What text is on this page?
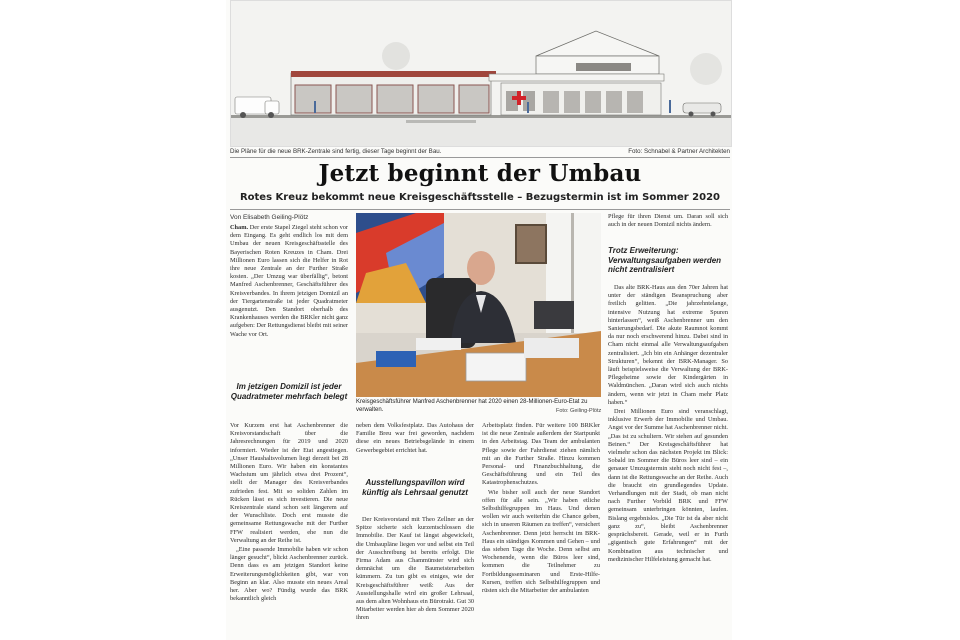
Die Pläne für die neue BRK-Zentrale sind fertig, dieser Tage beginnt der Bau.	Foto: Schnabel & Partner Architekten
Jetzt beginnt der Umbau
Rotes Kreuz bekommt neue Kreisgeschäftsstelle – Bezugstermin ist im Sommer 2020
Von Elisabeth Geiling-Plötz

Cham. Der erste Stapel Ziegel steht schon vor dem Eingang. Es geht endlich los mit dem Umbau der neuen Kreisgeschäftsstelle des Bayerischen Roten Kreuzes in Cham. Drei Millionen Euro lassen sich die Helfer in Rot ihre neue Zentrale an der Further Straße kosten. „Der Umzug war überfällig“, betont Manfred Aschenbrenner, Geschäftsführer des Kreisverbandes. In ihrem jetzigen Domizil an der Tiergartenstraße ist jeder Quadratmeter ausgenutzt. Den Standort oberhalb des Krankenhauses werden die BRKler nicht ganz aufgeben: Der Rettungsdienst bleibt mit seiner Wache vor Ort.

Im jetzigen Domizil ist jeder Quadratmeter mehrfach belegt

Vor Kurzem erst hat Aschenbrenner die Kreisvorstandschaft über die Jahresrechnungen für 2019 und 2020 informiert. Wieder ist der Etat angestiegen. „Unser Haushaltsvolumen liegt derzeit bei 28 Millionen Euro. Wir haben ein konstantes Wachstum um jährlich etwa drei Prozent“, stellt der Manager des Kreisverbandes zufrieden fest. Mit so soliden Zahlen im Rücken lässt es sich investieren. Die neue Kreiszentrale stand schon seit längerem auf der Wunschliste. Doch erst musste die gemeinsame Rettungswache mit der Further FFW realisiert werden, ehe nun die Verwaltung an der Reihe ist.

„Eine passende Immobilie haben wir schon länger gesucht“, blickt Aschenbrenner zurück. Denn dass es am jetzigen Standort keine Erweiterungsmöglichkeiten gibt, war von Beginn an klar. Also musste ein neues Areal her. Aber wo? Fündig wurde das BRK bekanntlich gleich

Kreisgeschäftsführer Manfred Aschenbrenner hat 2020 einen 28-Millionen-Euro-Etat zu verwalten.	Foto: Geiling-Plötz

neben dem Volksfestplatz. Das Autohaus der Familie Breu war frei geworden, nachdem diese ein neues Betriebsgelände in einem Gewerbegebiet errichtet hat.

Ausstellungspavillon wird künftig als Lehrsaal genutzt

Der Kreisvorstand mit Theo Zellner an der Spitze sicherte sich kurzentschlossen die Immobilie. Der Kauf ist längst abgewickelt, die Umbaupläne liegen vor und selbst ein Teil der Ausschreibung ist bereits erfolgt. Die Firma Adam aus Chammünster wird sich demnächst um die Baumeisterarbeiten kümmern. Zu tun gibt es einiges, wie der Kreisgeschäftsführer weiß: Aus der Ausstellungshalle wird ein großer Lehrsaal, aus dem alten Wohnhaus ein Bürotrakt. Gut 30 Mitarbeiter werden hier ab dem Sommer 2020 ihren

Arbeitsplatz finden. Für weitere 100 BRKler ist die neue Zentrale außerdem der Startpunkt in den Arbeitstag. Das Team der ambulanten Pflege sowie der Fahrdienst ziehen nämlich mit an die Further Straße. Hinzu kommen Personal- und Finanzbuchhaltung, die Geschäftsführung und ein Teil des Katastrophenschutzes.

Wie bisher soll auch der neue Standort offen für alle sein. „Wir haben etliche Selbsthilfegruppen im Haus. Und denen wollen wir auch weiterhin die Chance geben, sich in unseren Räumen zu treffen“, versichert Aschenbrenner. Denn jetzt herrscht im BRK-Haus ein ständiges Kommen und Gehen – und das sieben Tage die Woche. Denn selbst am Wochenende, wenn die Büros leer sind, kommen die Teilnehmer zu Fortbildungsseminaren und Erste-Hilfe-Kursen, treffen sich Selbsthilfegruppen und rüsten sich die Mitarbeiter der ambulanten

Pflege für ihren Dienst um. Daran soll sich auch in der neuen Domizil nichts ändern.

Trotz Erweiterung: Verwaltungsaufgaben werden nicht zentralisiert

Das alte BRK-Haus aus den 70er Jahren hat unter der ständigen Beanspruchung aber freilich gelitten. „Die jahrzehntelange, intensive Nutzung hat extreme Spuren hinterlassen“, weiß Aschenbrenner um den Sanierungsbedarf. Die akute Raumnot kommt da nur noch erschwerend hinzu. Dabei sind in Cham nicht einmal alle Verwaltungsaufgaben zentralisiert. „Ich bin ein Anhänger dezentraler Strukturen“, bekennt der BRK-Manager. So läuft beispielsweise die Verwaltung der BRK-Pflegeheime sowie der Kindergärten in Waldmünchen. „Daran wird sich auch nichts ändern, wenn wir jetzt in Cham mehr Platz haben.“

Drei Millionen Euro sind veranschlagt, inklusive Erwerb der Immobilie und Umbau. Angst vor der Summe hat Aschenbrenner nicht. „Das ist zu schultern. Wir stehen auf gesunden Beinen.“ Der Kreisgeschäftsführer hat vielmehr schon das nächsten Projekt im Blick: Sobald im Sommer die Büros leer sind – ein genauer Umzugstermin steht noch nicht fest –, dann ist die Rettungswache an der Reihe. Auch die braucht ein grundlegendes Update. Verhandlungen mit der Stadt, ob man nicht nach Further Vorbild BRK und FFW gemeinsam unterbringen könnten, laufen. Bislang ergebnislos. „Die Tür ist da aber nicht ganz zu“, bleibt Aschenbrenner gesprächsbereit. Gerade, weil er in Furth „gigantisch gute Erfahrungen“ mit der Kombination aus technischer und medizinischer Hilfeleistung gemacht hat.
